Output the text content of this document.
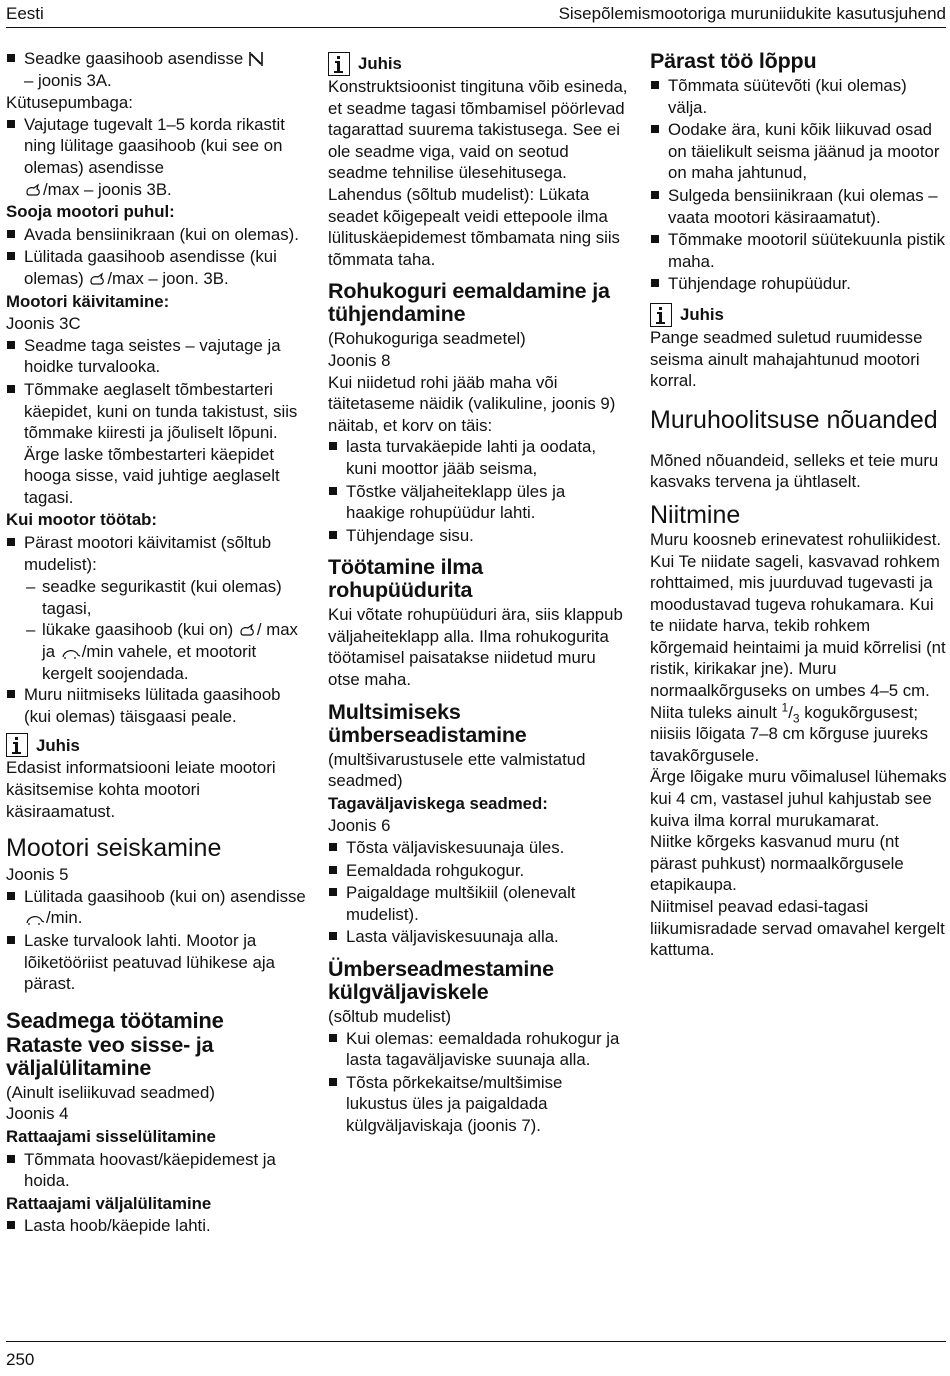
Eesti	Sisepõlemismootoriga muruniidukite kasutusjuhend
Seadke gaasihoob asendisse
– joonis 3A.
Kütusepumbaga:
Vajutage tugevalt 1–5 korda rikastit ning lülitage gaasihoob (kui see on olemas) asendisse
/max – joonis 3B.
Sooja mootori puhul:
Avada bensiinikraan (kui on olemas).
Lülitada gaasihoob asendisse (kui olemas) /max – joon. 3B.
Mootori käivitamine:
Joonis 3C
Seadme taga seistes – vajutage ja hoidke turvalooka.
Tõmmake aeglaselt tõmbestarteri käepidet, kuni on tunda takistust, siis tõmmake kiiresti ja jõuliselt lõpuni. Ärge laske tõmbestarteri käepidet hooga sisse, vaid juhtige aeglaselt tagasi.
Kui mootor töötab:
Pärast mootori käivitamist (sõltub mudelist):
– seadke segurikastit (kui olemas) tagasi,
– lükake gaasihoob (kui on) / max ja /min vahele, et mootorit kergelt soojendada.
Muru niitmiseks lülitada gaasihoob (kui olemas) täisgaasi peale.
Juhis
Edasist informatsiooni leiate mootori käsitsemise kohta mootori käsiraamatust.
Mootori seiskamine
Joonis 5
Lülitada gaasihoob (kui on) asendisse /min.
Laske turvalook lahti. Mootor ja lõiketööriist peatuvad lühikese aja pärast.
Seadmega töötamine
Rataste veo sisse- ja väljalülitamine
(Ainult iseliikuvad seadmed)
Joonis 4
Rattaajami sisselülitamine
Tõmmata hoovast/käepidemest ja hoida.
Rattaajami väljalülitamine
Lasta hoob/käepide lahti.
Juhis
Konstruktsioonist tingituna võib esineda, et seadme tagasi tõmbamisel pöörlevad tagarattad suurema takistusega. See ei ole seadme viga, vaid on seotud seadme tehnilise ülesehitusega. Lahendus (sõltub mudelist): Lükata seadet kõigepealt veidi ettepoole ilma lülituskäepidemest tõmbamata ning siis tõmmata taha.
Rohukoguri eemaldamine ja tühjendamine
(Rohukoguriga seadmetel)
Joonis 8
Kui niidetud rohi jääb maha või täitetaseme näidik (valikuline, joonis 9) näitab, et korv on täis:
lasta turvakäepide lahti ja oodata, kuni moottor jääb seisma,
Tõstke väljaheiteklapp üles ja haakige rohupüüdur lahti.
Tühjendage sisu.
Töötamine ilma rohupüüdurita
Kui võtate rohupüüduri ära, siis klappub väljaheiteklapp alla. Ilma rohukogurita töötamisel paisatakse niidetud muru otse maha.
Multsimiseks ümberseadistamine
(multšivarustusele ette valmistatud seadmed)
Tagaväljaviskega seadmed:
Joonis 6
Tõsta väljaviskesuunaja üles.
Eemaldada rohgukogur.
Paigaldage multšikiil (olenevalt mudelist).
Lasta väljaviskesuunaja alla.
Ümberseadmestamine külgväljaviskele
(sõltub mudelist)
Kui olemas: eemaldada rohukogur ja lasta tagaväljaviske suunaja alla.
Tõsta põrkekaitse/multšimise lukustus üles ja paigaldada külgväljaviskaja (joonis 7).
Pärast töö lõppu
Tõmmata süütevõti (kui olemas) välja.
Oodake ära, kuni kõik liikuvad osad on täielikult seisma jäänud ja mootor on maha jahtunud,
Sulgeda bensiinikraan (kui olemas – vaata mootori käsiraamatut).
Tõmmake mootoril süütekuunla pistik maha.
Tühjendage rohupüüdur.
Juhis
Pange seadmed suletud ruumidesse seisma ainult mahajahtunud mootori korral.
Muruhoolitsuse nõuanded
Mõned nõuandeid, selleks et teie muru kasvaks tervena ja ühtlaselt.
Niitmine
Muru koosneb erinevatest rohuliikidest. Kui Te niidate sageli, kasvavad rohkem rohttaimed, mis juurduvad tugevasti ja moodustavad tugeva rohukamara. Kui te niidate harva, tekib rohkem kõrgemaid heintaimi ja muid kõrrelisi (nt ristik, kirikakar jne). Muru normaalkõrguseks on umbes 4–5 cm. Niita tuleks ainult $^1/_3$ kogukõrgusest; niisiis lõigata 7–8 cm kõrguse juureks tavakõrgusele.
Ärge lõigake muru võimalusel lühemaks kui 4 cm, vastasel juhul kahjustab see kuiva ilma korral murukamarat.
Niitke kõrgeks kasvanud muru (nt pärast puhkust) normaalkõrgusele etapikaupa.
Niitmisel peavad edasi-tagasi liikumisradade servad omavahel kergelt kattuma.
250
